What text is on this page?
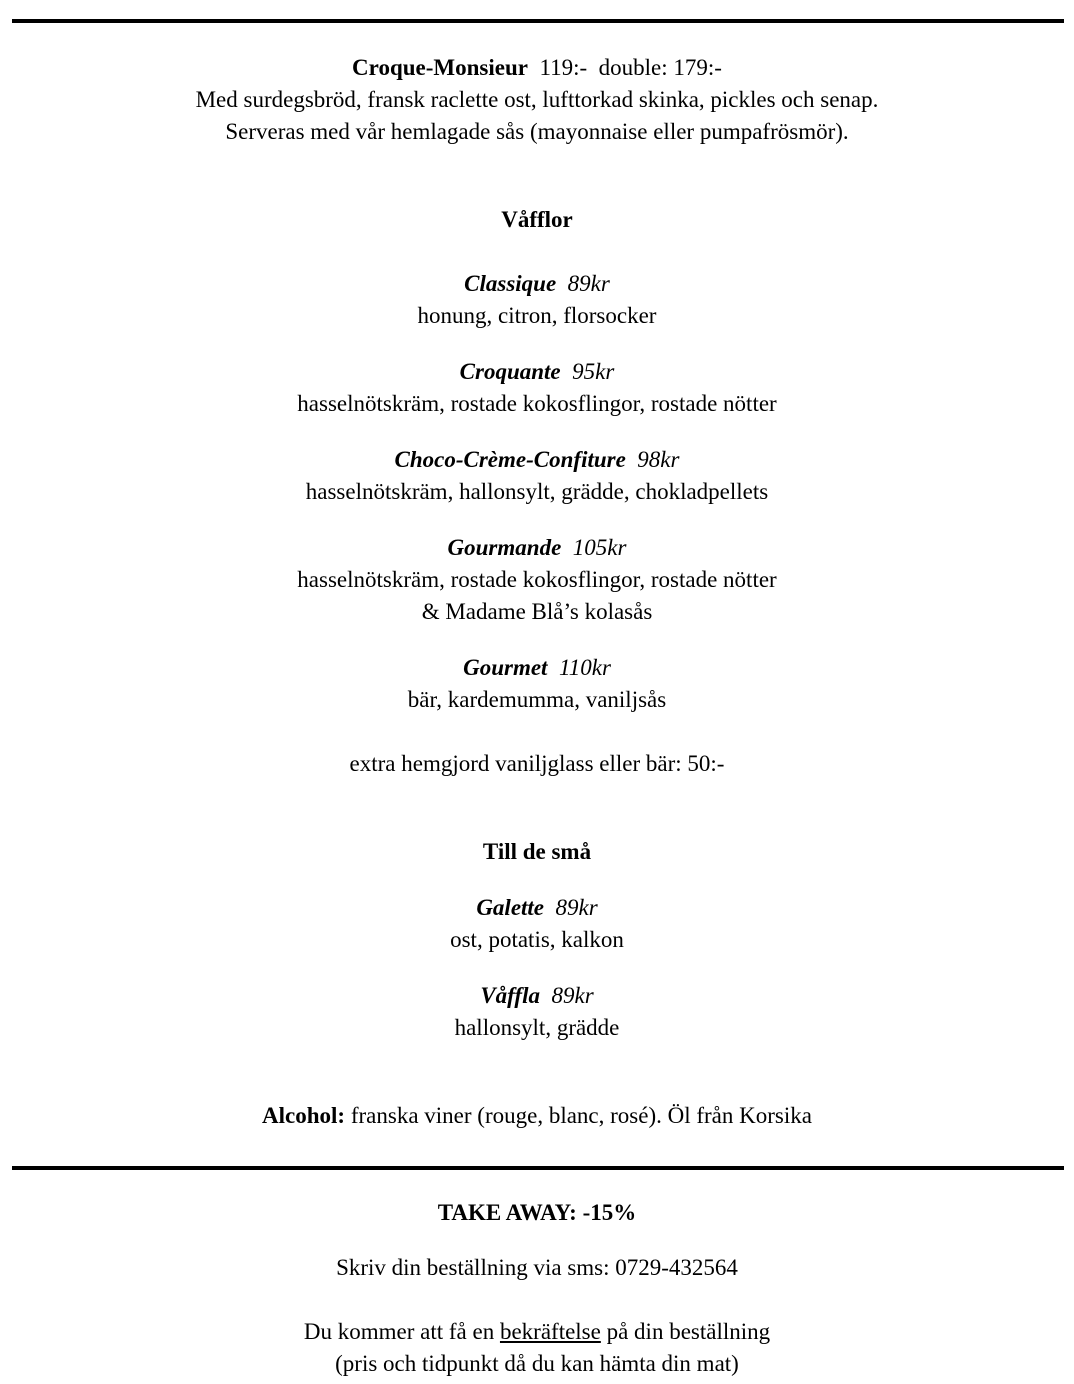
Croque-Monsieur 119:- double: 179:-
Med surdegsbröd, fransk raclette ost, lufttorkad skinka, pickles och senap.
Serveras med vår hemlagade sås (mayonnaise eller pumpafrösmör).
Våfflor
Classique 89kr
honung, citron, florsocker
Croquante 95kr
hasselnötskräm, rostade kokosflingor, rostade nötter
Choco-Crème-Confiture 98kr
hasselnötskräm, hallonsylt, grädde, chokladpellets
Gourmande 105kr
hasselnötskräm, rostade kokosflingor, rostade nötter
& Madame Blå’s kolasås
Gourmet 110kr
bär, kardemumma, vaniljsås
extra hemgjord vaniljglass eller bär: 50:-
Till de små
Galette 89kr
ost, potatis, kalkon
Våffla 89kr
hallonsylt, grädde
Alcohol: franska viner (rouge, blanc, rosé). Öl från Korsika
TAKE AWAY: -15%
Skriv din beställning via sms: 0729-432564
Du kommer att få en bekräftelse på din beställning
(pris och tidpunkt då du kan hämta din mat)
